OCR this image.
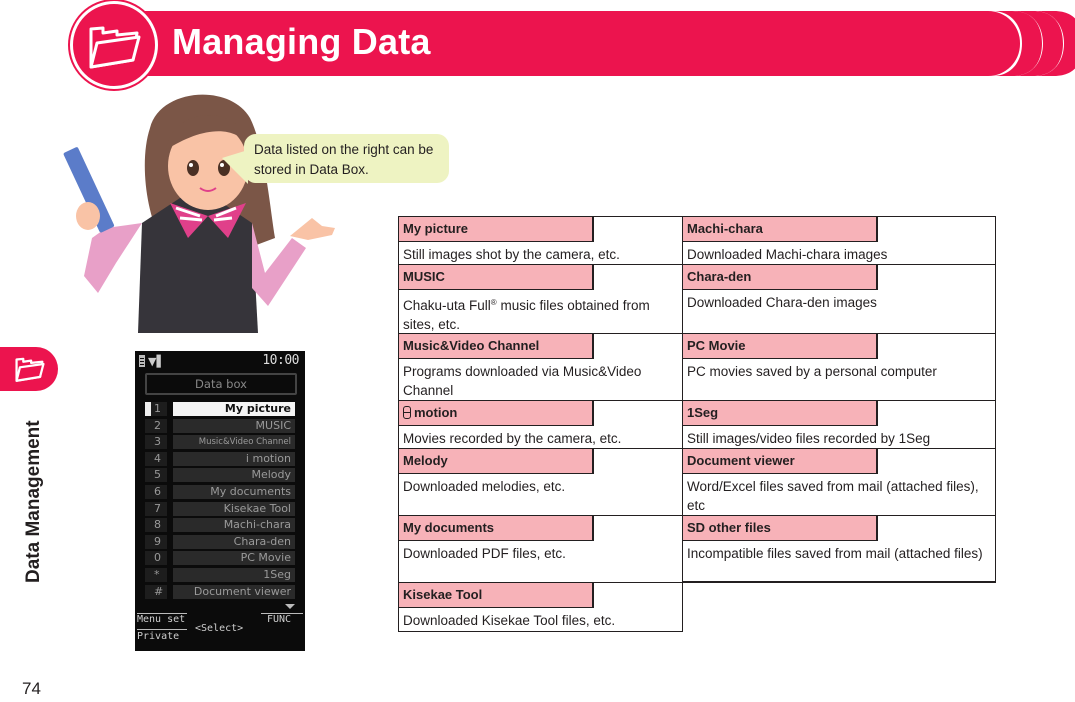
Managing Data
Data Management
74
Data listed on the right can be
stored in Data Box.
▼▌	10:00
Data box
1	My picture
2	MUSIC
3	Music&Video Channel
4	i motion
5	Melody
6	My documents
7	Kisekae Tool
8	Machi-chara
9	Chara-den
0	PC Movie
*	1Seg
#	Document viewer
Menu set
Private
<Select>
FUNC
My picture
Still images shot by the camera, etc.
MUSIC
Chaku-uta Full® music files obtained from sites, etc.
Music&Video Channel
Programs downloaded via Music&Video Channel
motion
Movies recorded by the camera, etc.
Melody
Downloaded melodies, etc.
My documents
Downloaded PDF files, etc.
Kisekae Tool
Downloaded Kisekae Tool files, etc.
Machi-chara
Downloaded Machi-chara images
Chara-den
Downloaded Chara-den images
PC Movie
PC movies saved by a personal computer
1Seg
Still images/video files recorded by 1Seg
Document viewer
Word/Excel files saved from mail (attached files), etc
SD other files
Incompatible files saved from mail (attached files)
